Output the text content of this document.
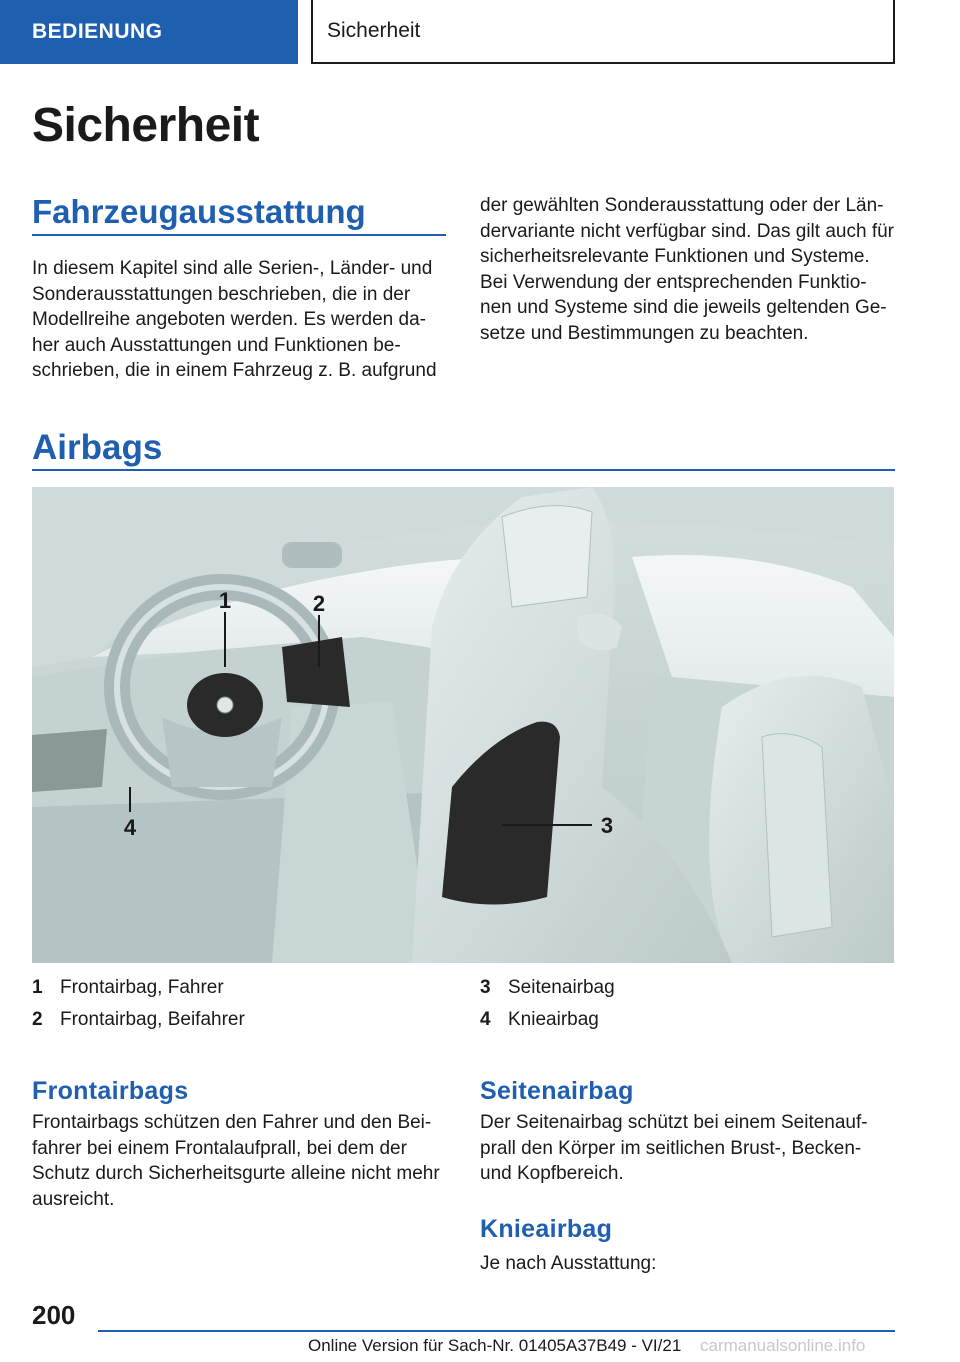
BEDIENUNG	Sicherheit
Sicherheit
Fahrzeugausstattung
In diesem Kapitel sind alle Serien-, Länder- und
Sonderausstattungen beschrieben, die in der
Modellreihe angeboten werden. Es werden da-
her auch Ausstattungen und Funktionen be-
schrieben, die in einem Fahrzeug z. B. aufgrund
der gewählten Sonderausstattung oder der Län-
dervariante nicht verfügbar sind. Das gilt auch für
sicherheitsrelevante Funktionen und Systeme.
Bei Verwendung der entsprechenden Funktio-
nen und Systeme sind die jeweils geltenden Ge-
setze und Bestimmungen zu beachten.
Airbags
1	2
3
4
1 Frontairbag, Fahrer
2 Frontairbag, Beifahrer
3 Seitenairbag
4 Knieairbag
Frontairbags
Frontairbags schützen den Fahrer und den Bei-
fahrer bei einem Frontalaufprall, bei dem der
Schutz durch Sicherheitsgurte alleine nicht mehr
ausreicht.
Seitenairbag
Der Seitenairbag schützt bei einem Seitenauf-
prall den Körper im seitlichen Brust-, Becken-
und Kopfbereich.
Knieairbag
Je nach Ausstattung:
200
Online Version für Sach-Nr. 01405A37B49 - VI/21 carmanualsonline.info
